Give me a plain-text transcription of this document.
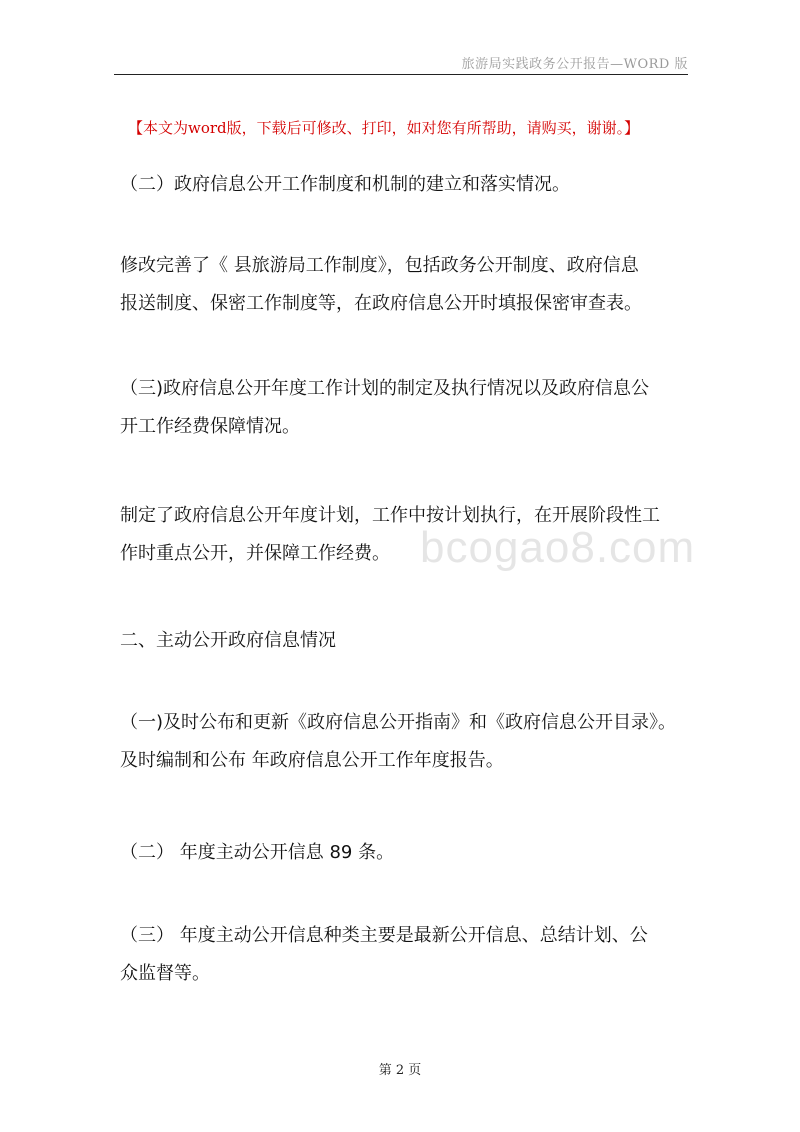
旅游局实践政务公开报告—WORD 版
【本文为word版，下载后可修改、打印，如对您有所帮助，请购买，谢谢。】
（二）政府信息公开工作制度和机制的建立和落实情况。
修改完善了《 县旅游局工作制度》，包括政务公开制度、政府信息
报送制度、保密工作制度等，在政府信息公开时填报保密审查表。
（三)政府信息公开年度工作计划的制定及执行情况以及政府信息公
开工作经费保障情况。
制定了政府信息公开年度计划，工作中按计划执行，在开展阶段性工
作时重点公开，并保障工作经费。
二、主动公开政府信息情况
（一)及时公布和更新《政府信息公开指南》和《政府信息公开目录》。
及时编制和公布 年政府信息公开工作年度报告。
（二） 年度主动公开信息 89 条。
（三） 年度主动公开信息种类主要是最新公开信息、总结计划、公
众监督等。
bcogao8.com
第 2 页
